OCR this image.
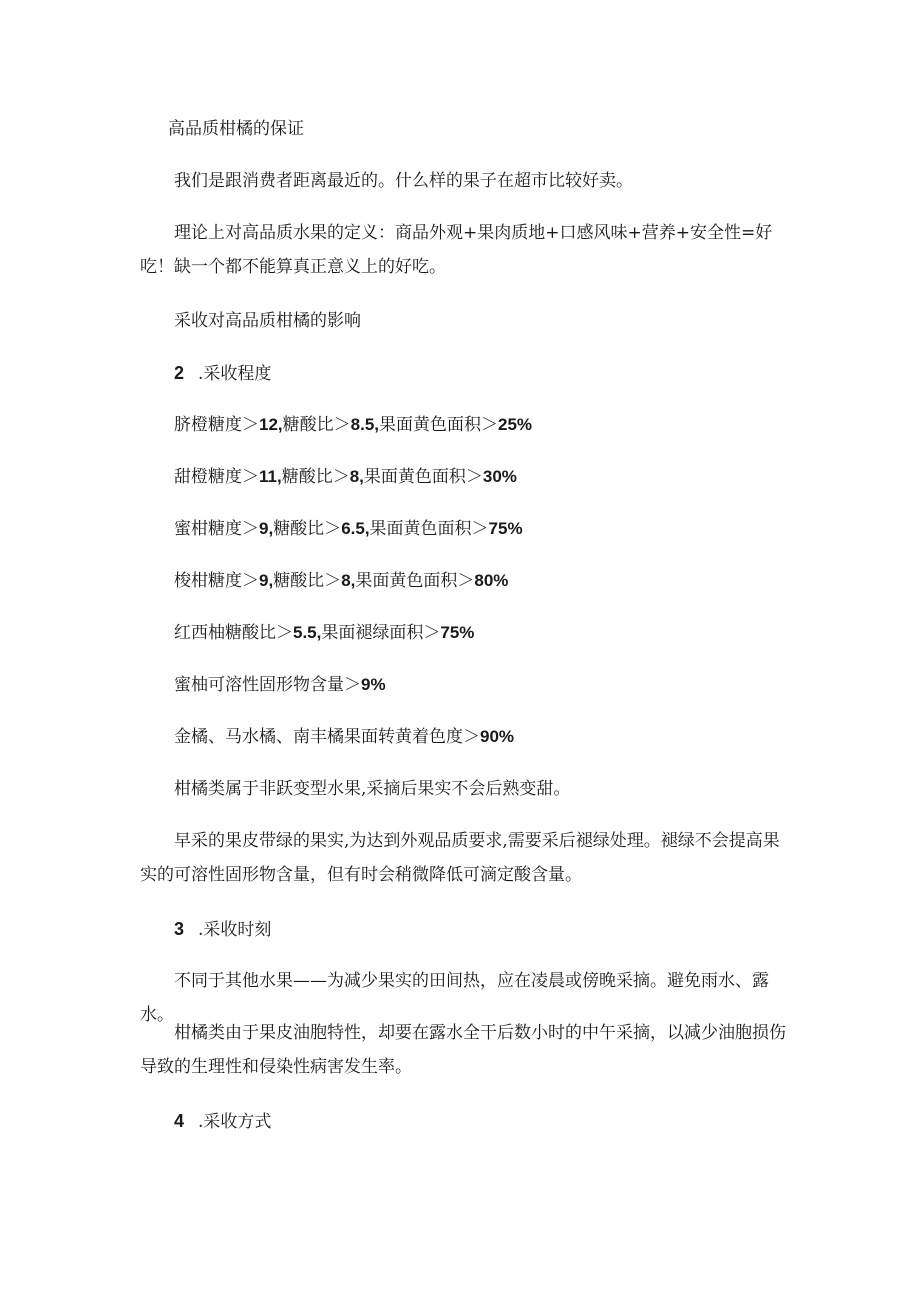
高品质柑橘的保证

我们是跟消费者距离最近的。什么样的果子在超市比较好卖。

理论上对高品质水果的定义：商品外观+果肉质地+口感风味+营养+安全性=好吃！缺一个都不能算真正意义上的好吃。

采收对高品质柑橘的影响

2 .采收程度

脐橙糖度＞12,糖酸比＞8.5,果面黄色面积＞25%

甜橙糖度＞11,糖酸比＞8,果面黄色面积＞30%

蜜柑糖度＞9,糖酸比＞6.5,果面黄色面积＞75%

梭柑糖度＞9,糖酸比＞8,果面黄色面积＞80%

红西柚糖酸比＞5.5,果面褪绿面积＞75%

蜜柚可溶性固形物含量＞9%

金橘、马水橘、南丰橘果面转黄着色度＞90%

柑橘类属于非跃变型水果,采摘后果实不会后熟变甜。

早采的果皮带绿的果实,为达到外观品质要求,需要采后褪绿处理。褪绿不会提高果实的可溶性固形物含量，但有时会稍微降低可滴定酸含量。

3 .采收时刻

不同于其他水果——为减少果实的田间热，应在凌晨或傍晚采摘。避免雨水、露水。

柑橘类由于果皮油胞特性，却要在露水全干后数小时的中午采摘，以减少油胞损伤导致的生理性和侵染性病害发生率。

4 .采收方式
